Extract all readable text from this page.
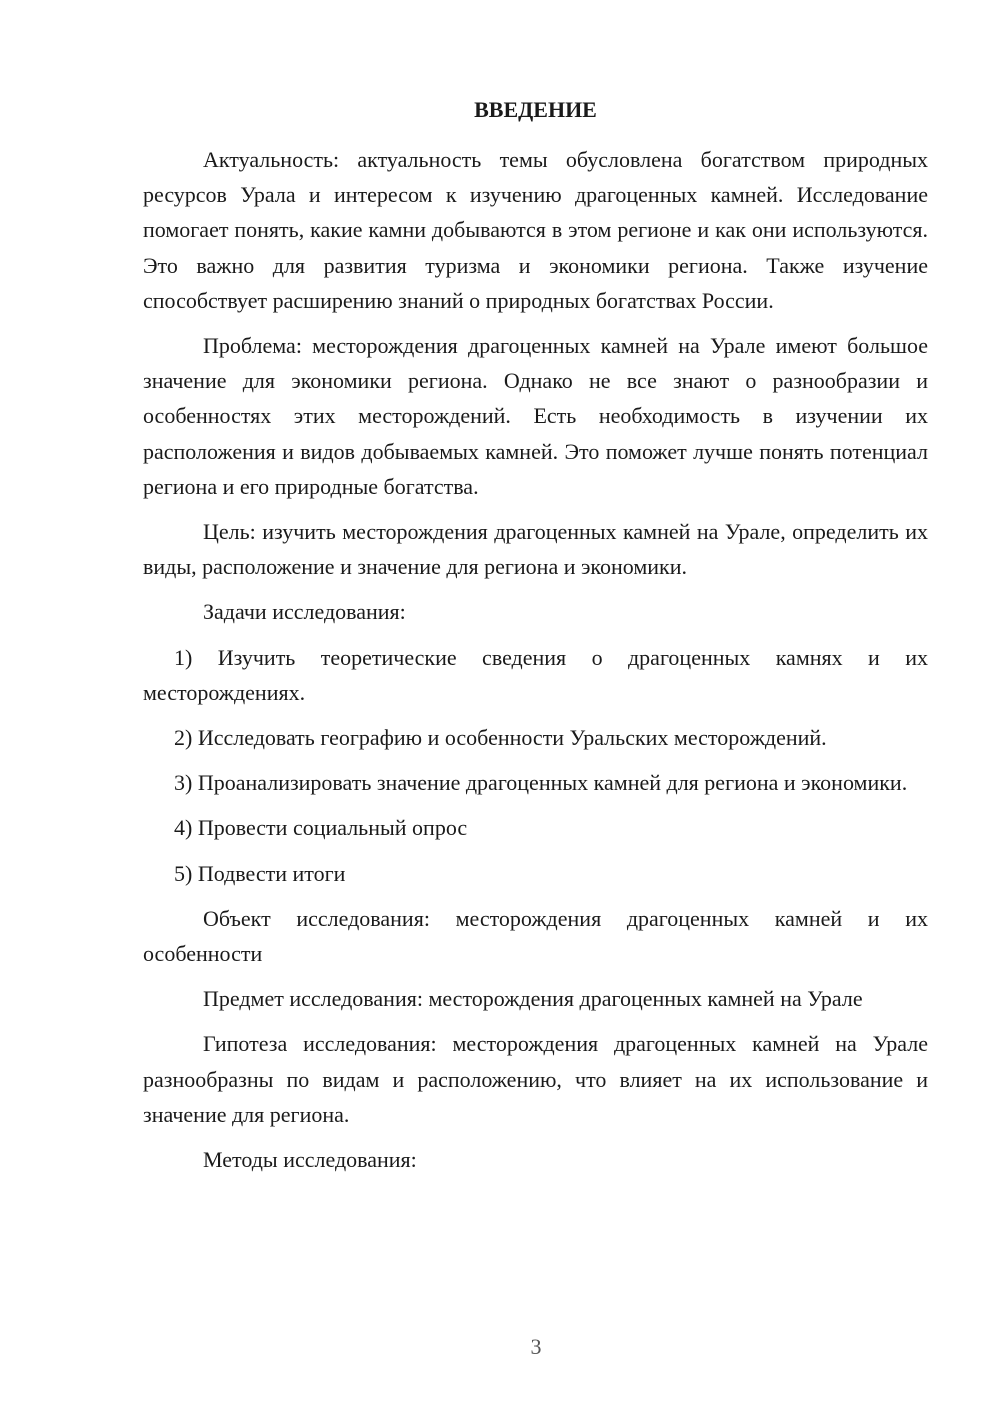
ВВЕДЕНИЕ

Актуальность: актуальность темы обусловлена богатством природных ресурсов Урала и интересом к изучению драгоценных камней. Исследование помогает понять, какие камни добываются в этом регионе и как они используются. Это важно для развития туризма и экономики региона. Также изучение способствует расширению знаний о природных богатствах России.

Проблема: месторождения драгоценных камней на Урале имеют большое значение для экономики региона. Однако не все знают о разнообразии и особенностях этих месторождений. Есть необходимость в изучении их расположения и видов добываемых камней. Это поможет лучше понять потенциал региона и его природные богатства.

Цель: изучить месторождения драгоценных камней на Урале, определить их виды, расположение и значение для региона и экономики.

Задачи исследования:

1) Изучить теоретические сведения о драгоценных камнях и их месторождениях.

2) Исследовать географию и особенности Уральских месторождений.

3) Проанализировать значение драгоценных камней для региона и экономики.

4) Провести социальный опрос

5) Подвести итоги

Объект исследования: месторождения драгоценных камней и их особенности

Предмет исследования: месторождения драгоценных камней на Урале

Гипотеза исследования: месторождения драгоценных камней на Урале разнообразны по видам и расположению, что влияет на их использование и значение для региона.

Методы исследования:

3
